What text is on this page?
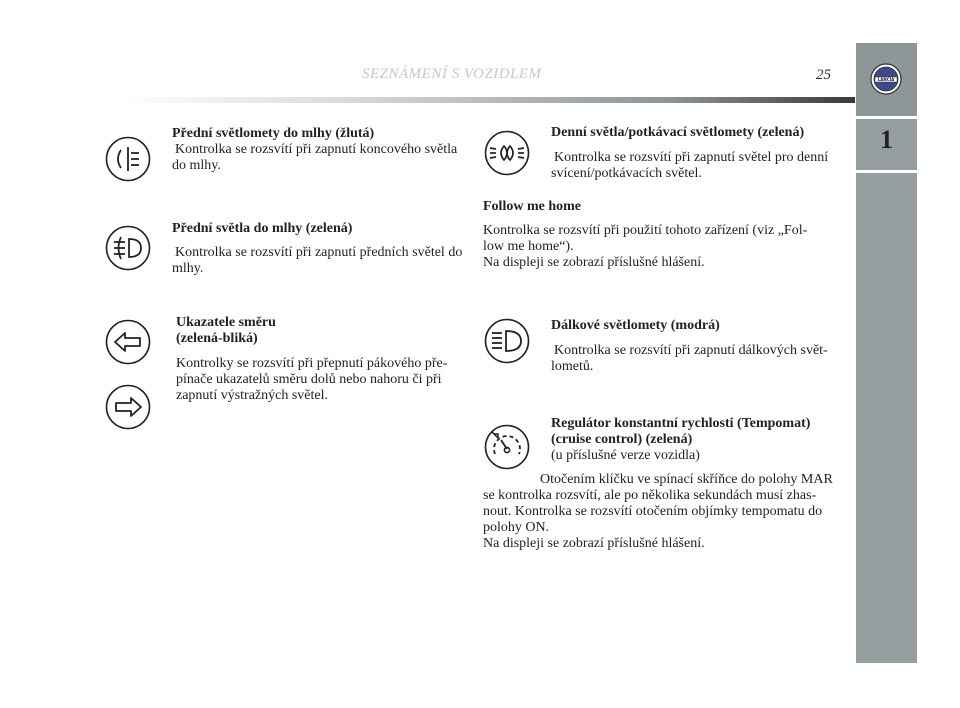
SEZNÁMENÍ S VOZIDLEM	25	LANCIA
1
Přední světlomety do mlhy (žlutá)
Kontrolka se rozsvítí při zapnutí koncového světla
do mlhy.
Přední světla do mlhy (zelená)
Kontrolka se rozsvítí při zapnutí předních světel do
mlhy.
Ukazatele směru
(zelená-bliká)
Kontrolky se rozsvítí při přepnutí pákového pře-
pínače ukazatelů směru dolů nebo nahoru či při
zapnutí výstražných světel.
Denní světla/potkávací světlomety (zelená)
Kontrolka se rozsvítí při zapnutí světel pro denní
svícení/potkávacích světel.
Follow me home
Kontrolka se rozsvítí při použití tohoto zařízení (viz „Fol-
low me home“).
Na displeji se zobrazí příslušné hlášení.
Dálkové světlomety (modrá)
Kontrolka se rozsvítí při zapnutí dálkových svět-
lometů.
Regulátor konstantní rychlosti (Tempomat)
(cruise control) (zelená)
(u příslušné verze vozidla)
Otočením klíčku ve spínací skříňce do polohy MAR
se kontrolka rozsvítí, ale po několika sekundách musí zhas-
nout. Kontrolka se rozsvítí otočením objímky tempomatu do
polohy ON.
Na displeji se zobrazí příslušné hlášení.
